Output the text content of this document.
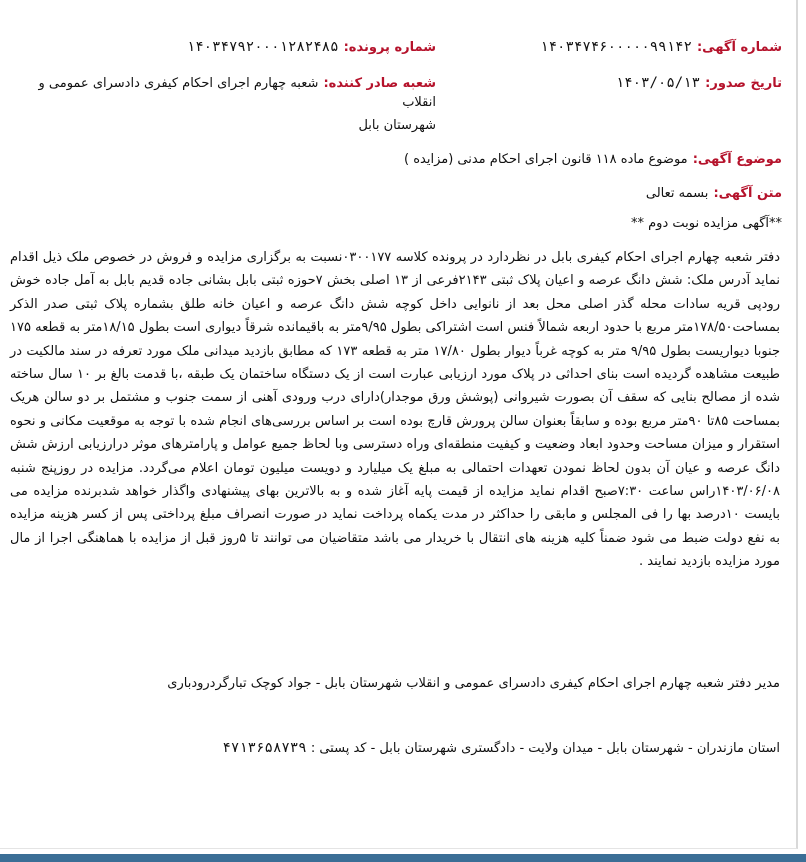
شماره آگهی: ۱۴۰۳۴۷۴۶۰۰۰۰۰۹۹۱۴۲
شماره پرونده: ۱۴۰۳۴۷۹۲۰۰۰۱۲۸۲۴۸۵
تاریخ صدور: ۱۴۰۳/۰۵/۱۳
شعبه صادر کننده: شعبه چهارم اجرای احکام کیفری دادسرای عمومی و انقلاب
شهرستان بابل
موضوع آگهی: موضوع ماده ۱۱۸ قانون اجرای احکام مدنی (مزایده )
متن آگهی: بسمه تعالی
**آگهی مزایده نوبت دوم **

دفتر شعبه چهارم اجرای احکام کیفری بابل در نظردارد در پرونده کلاسه ۰۳۰۰۱۷۷نسبت به برگزاری مزایده و فروش در خصوص ملک ذیل اقدام نماید آدرس ملک: شش دانگ عرصه و اعیان پلاک ثبتی ۲۱۴۳فرعی از ۱۳ اصلی بخش ۷حوزه ثبتی بابل بشانی جاده قدیم بابل به آمل جاده خوش رودپی قریه سادات محله گذر اصلی محل بعد از نانوایی داخل کوچه شش دانگ عرصه و اعیان خانه طلق بشماره پلاک ثبتی صدر الذکر بمساحت۱۷۸/۵۰متر مربع با حدود اربعه شمالاً فنس است اشتراکی بطول ۹/۹۵متر به باقیمانده شرقاً دیواری است بطول ۱۸/۱۵متر به قطعه ۱۷۵ جنوبا دیواریست بطول ۹/۹۵ متر به کوچه غرباً دیوار بطول ۱۷/۸۰ متر به قطعه ۱۷۳ که مطابق بازدید میدانی ملک مورد تعرفه در سند مالکیت در طبیعت مشاهده گردیده است بنای احداثی در پلاک مورد ارزیابی عبارت است از یک دستگاه ساختمان یک طبقه ،با قدمت بالغ بر ۱۰ سال ساخته شده از مصالح بنایی که سقف آن بصورت شیروانی (پوشش ورق موجدار)دارای درب ورودی آهنی از سمت جنوب و مشتمل بر دو سالن هریک بمساحت ۸۵تا ۹۰متر مربع بوده و سابقاً بعنوان سالن پرورش قارچ بوده است بر اساس بررسی‌های انجام شده با توجه به موقعیت مکانی و نحوه استقرار و میزان مساحت وحدود ابعاد وضعیت و کیفیت منطقه‌ای وراه دسترسی وبا لحاظ جمیع عوامل و پارامترهای موثر درارزیابی ارزش شش دانگ عرصه و عیان آن بدون لحاظ نمودن تعهدات احتمالی به مبلغ یک میلیارد و دویست میلیون تومان اعلام می‌گردد. مزایده در روزپنج شنبه ۱۴۰۳/۰۶/۰۸راس ساعت ۷:۳۰صبح اقدام نماید مزایده از قیمت پایه آغاز شده و به بالاترین بهای پیشنهادی واگذار خواهد شدبرنده مزایده می بایست ۱۰درصد بها را فی المجلس و مابقی را حداکثر در مدت یکماه پرداخت نماید در صورت انصراف مبلغ پرداختی پس از کسر هزینه مزایده به نفع دولت ضبط می شود ضمناً کلیه هزینه های انتقال با خریدار می باشد متقاضیان می توانند تا ۵روز قبل از مزایده با هماهنگی اجرا از مال مورد مزایده بازدید نمایند .

مدیر دفتر شعبه چهارم اجرای احکام کیفری دادسرای عمومی و انقلاب شهرستان بابل - جواد کوچک تبارگردرودباری
استان مازندران - شهرستان بابل - میدان ولایت - دادگستری شهرستان بابل - کد پستی : ۴۷۱۳۶۵۸۷۳۹
